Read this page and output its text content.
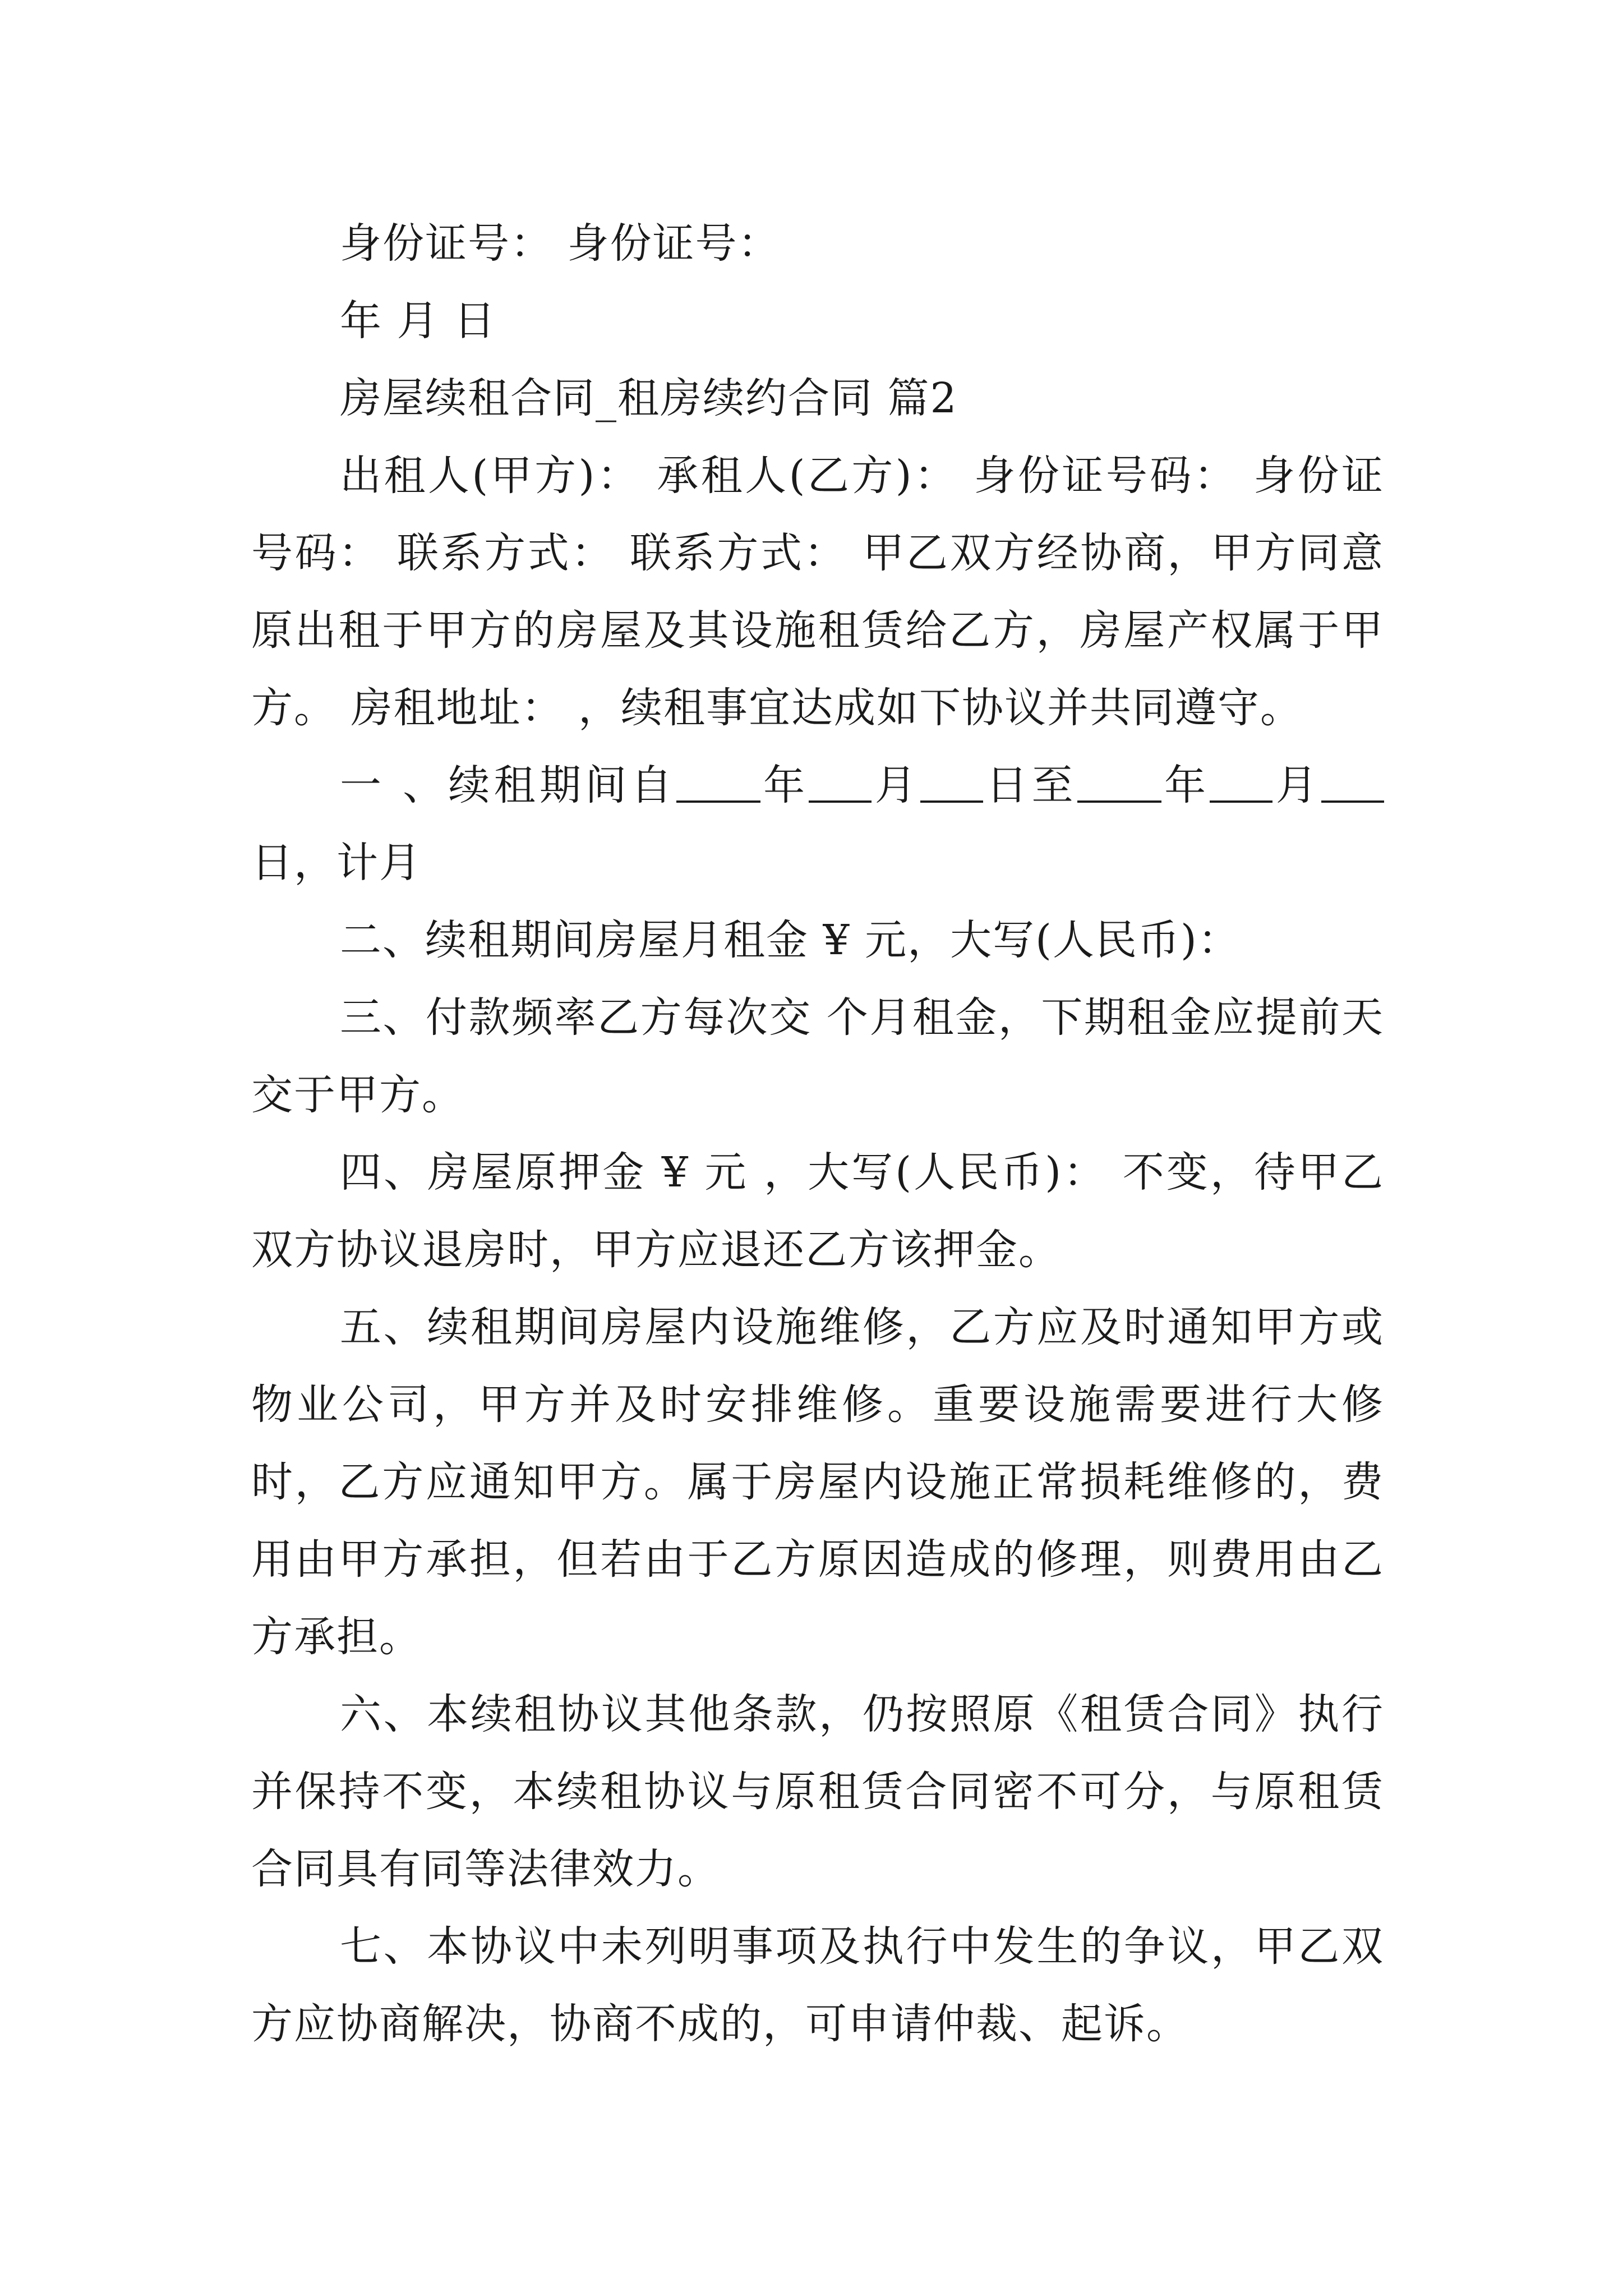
身份证号： 身份证号：

年 月 日

房屋续租合同_租房续约合同 篇2

出租人(甲方)： 承租人(乙方)： 身份证号码： 身份证号码： 联系方式： 联系方式： 甲乙双方经协商，甲方同意原出租于甲方的房屋及其设施租赁给乙方，房屋产权属于甲方。 房租地址： ，续租事宜达成如下协议并共同遵守。

一 、续租期间自 年 月 日至 年 月日，计月

二、续租期间房屋月租金 ¥ 元，大写(人民币)：

三、付款频率乙方每次交 个月租金，下期租金应提前天交于甲方。

四、房屋原押金 ¥ 元 ，大写(人民币)： 不变，待甲乙双方协议退房时，甲方应退还乙方该押金。

五、续租期间房屋内设施维修，乙方应及时通知甲方或物业公司，甲方并及时安排维修。重要设施需要进行大修时，乙方应通知甲方。属于房屋内设施正常损耗维修的，费用由甲方承担，但若由于乙方原因造成的修理，则费用由乙方承担。

六、本续租协议其他条款，仍按照原《租赁合同》执行并保持不变，本续租协议与原租赁合同密不可分，与原租赁合同具有同等法律效力。

七、本协议中未列明事项及执行中发生的争议，甲乙双方应协商解决，协商不成的，可申请仲裁、起诉。
